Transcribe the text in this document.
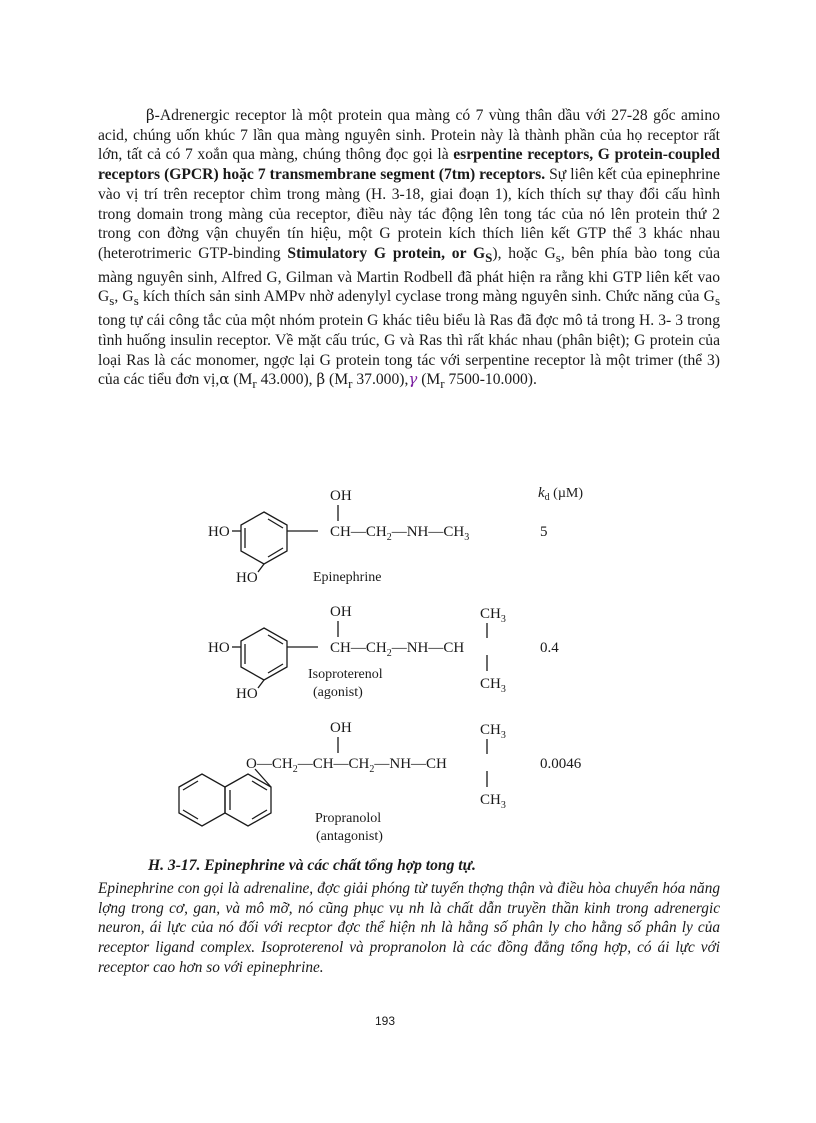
β-Adrenergic receptor là một protein qua màng có 7 vùng thân dầu với 27-28 gốc amino acid, chúng uốn khúc 7 lần qua màng nguyên sinh. Protein này là thành phần của họ receptor rất lớn, tất cả có 7 xoắn qua màng, chúng thông đọc gọi là esrpentine receptors, G protein-coupled receptors (GPCR) hoặc 7 transmembrane segment (7tm) receptors. Sự liên kết của epinephrine vào vị trí trên receptor chìm trong màng (H. 3-18, giai đoạn 1), kích thích sự thay đổi cấu hình trong domain trong màng của receptor, điều này tác động lên tong tác của nó lên protein thứ 2 trong con đờng vận chuyển tín hiệu, một G protein kích thích liên kết GTP thể 3 khác nhau (heterotrimeric GTP-binding Stimulatory G protein, or $G_S$), hoặc $G_s$, bên phía bào tong của màng nguyên sinh, Alfred G, Gilman và Martin Rodbell đã phát hiện ra rằng khi GTP liên kết vao $G_s$, $G_s$ kích thích sản sinh AMPv nhờ adenylyl cyclase trong màng nguyên sinh. Chức năng của $G_s$ tong tự cái công tắc của một nhóm protein G khác tiêu biểu là Ras đã đợc mô tả trong H. 3- 3 trong tình huống insulin receptor. Về mặt cấu trúc, G và Ras thì rất khác nhau (phân biệt); G protein của loại Ras là các monomer, ngợc lại G protein tong tác với serpentine receptor là một trimer (thể 3) của các tiểu đơn vị,α ($M_r$ 43.000), β ($M_r$ 37.000),γ ($M_r$ 7500-10.000).

$k_d$ (µM)
OH
HO
HO
$CH—CH_2—NH—CH_3$
Epinephrine
5
OH
HO
HO
$CH_3$
$CH—CH_2—NH—CH$
$CH_3$
Isoproterenol
(agonist)
0.4
OH	$CH_3$
$O—CH_2—CH—CH_2—NH—CH$
$CH_3$
Propranolol
(antagonist)
0.0046

H. 3-17. Epinephrine và các chất tổng hợp tong tự.

Epinephrine con gọi là adrenaline, đợc giải phóng từ tuyến thợng thận và điều hòa chuyển hóa năng lợng trong cơ, gan, và mô mỡ, nó cũng phục vụ nh là chất dẫn truyền thần kinh trong adrenergic neuron, ái lực của nó đối với recptor đợc thể hiện nh là hằng số phân ly cho hằng số phân ly của receptor ligand complex. Isoproterenol và propranolon là các đồng đẳng tổng hợp, có ái lực với receptor cao hơn so với epinephrine.

193
